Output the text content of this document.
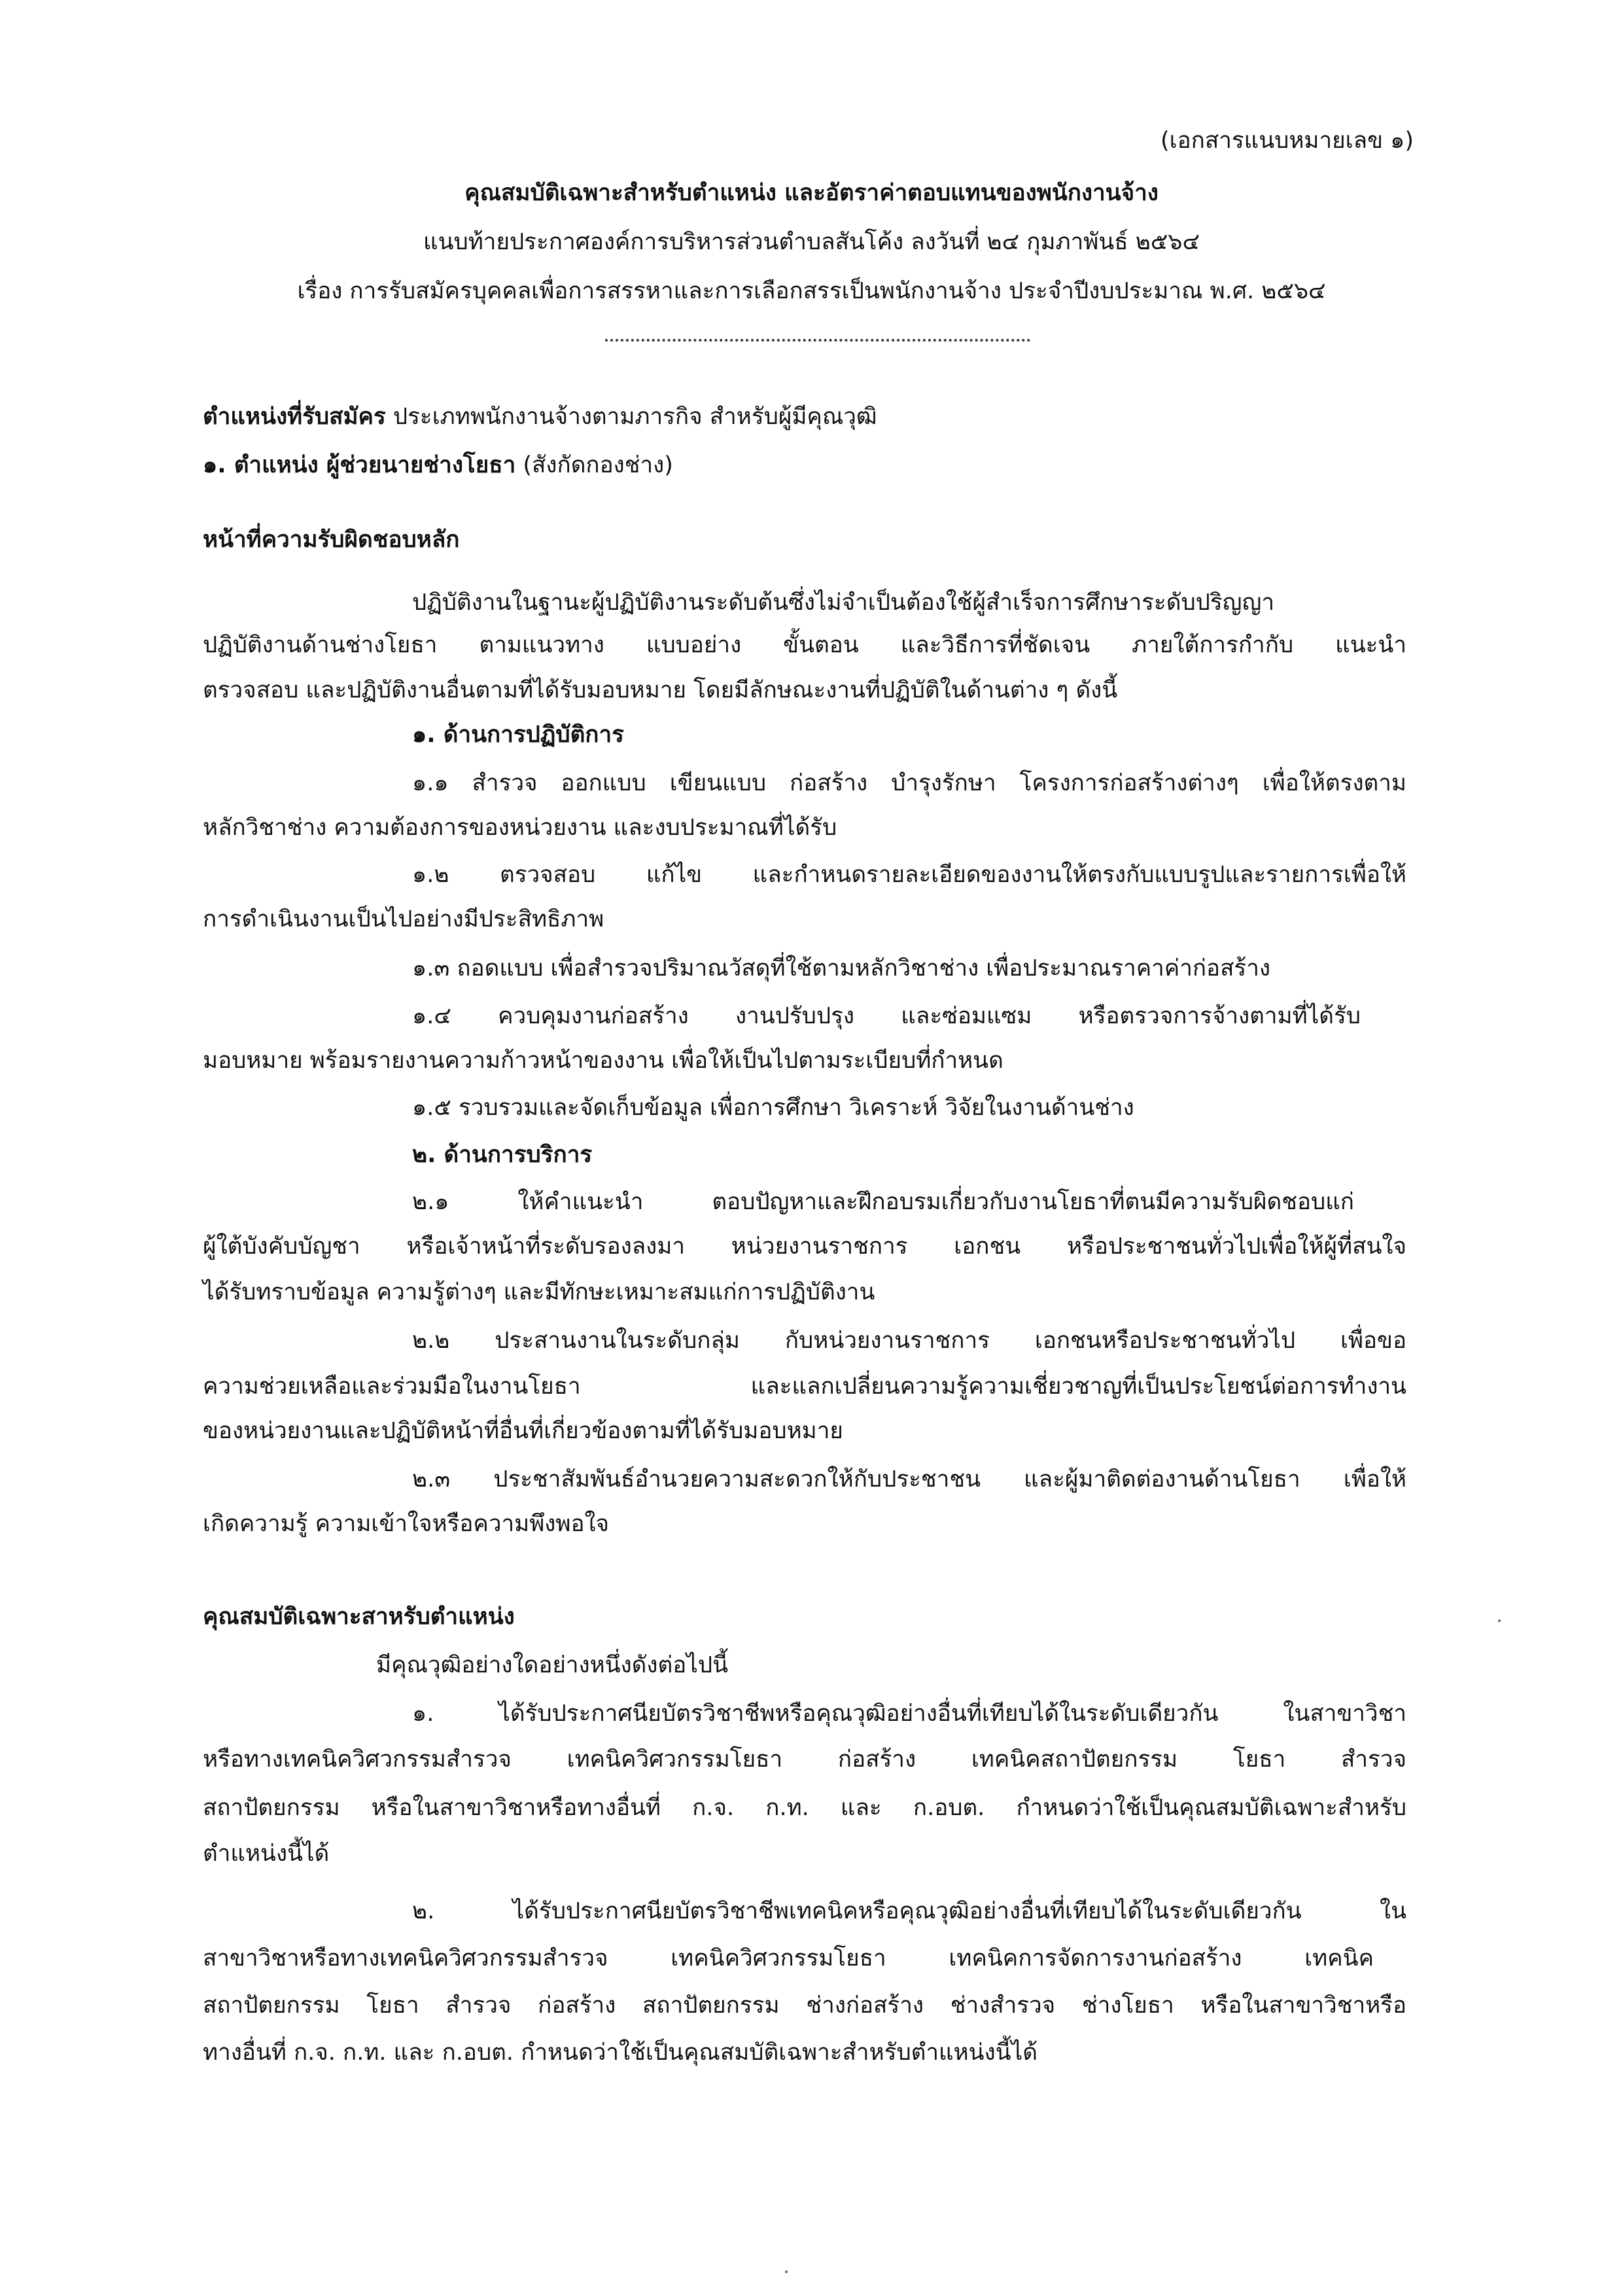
(เอกสารแนบหมายเลข ๑)
คุณสมบัติเฉพาะสำหรับตำแหน่ง และอัตราค่าตอบแทนของพนักงานจ้าง
แนบท้ายประกาศองค์การบริหารส่วนตำบลสันโค้ง ลงวันที่ ๒๔ กุมภาพันธ์ ๒๕๖๔
เรื่อง การรับสมัครบุคคลเพื่อการสรรหาและการเลือกสรรเป็นพนักงานจ้าง ประจำปีงบประมาณ พ.ศ. ๒๕๖๔
ตำแหน่งที่รับสมัคร ประเภทพนักงานจ้างตามภารกิจ สำหรับผู้มีคุณวุฒิ
๑. ตำแหน่ง ผู้ช่วยนายช่างโยธา (สังกัดกองช่าง)
หน้าที่ความรับผิดชอบหลัก
ปฏิบัติงานในฐานะผู้ปฏิบัติงานระดับต้นซึ่งไม่จำเป็นต้องใช้ผู้สำเร็จการศึกษาระดับปริญญา
ปฏิบัติงานด้านช่างโยธา ตามแนวทาง แบบอย่าง ขั้นตอน และวิธีการที่ชัดเจน ภายใต้การกำกับ แนะนำ
ตรวจสอบ และปฏิบัติงานอื่นตามที่ได้รับมอบหมาย โดยมีลักษณะงานที่ปฏิบัติในด้านต่าง ๆ ดังนี้
๑. ด้านการปฏิบัติการ
๑.๑ สำรวจ ออกแบบ เขียนแบบ ก่อสร้าง บำรุงรักษา โครงการก่อสร้างต่างๆ เพื่อให้ตรงตาม
หลักวิชาช่าง ความต้องการของหน่วยงาน และงบประมาณที่ได้รับ
๑.๒ ตรวจสอบ แก้ไข และกำหนดรายละเอียดของงานให้ตรงกับแบบรูปและรายการเพื่อให้
การดำเนินงานเป็นไปอย่างมีประสิทธิภาพ
๑.๓ ถอดแบบ เพื่อสำรวจปริมาณวัสดุที่ใช้ตามหลักวิชาช่าง เพื่อประมาณราคาค่าก่อสร้าง
๑.๔ ควบคุมงานก่อสร้าง งานปรับปรุง และซ่อมแซม หรือตรวจการจ้างตามที่ได้รับ
มอบหมาย พร้อมรายงานความก้าวหน้าของงาน เพื่อให้เป็นไปตามระเบียบที่กำหนด
๑.๕ รวบรวมและจัดเก็บข้อมูล เพื่อการศึกษา วิเคราะห์ วิจัยในงานด้านช่าง
๒. ด้านการบริการ
๒.๑ ให้คำแนะนำ ตอบปัญหาและฝึกอบรมเกี่ยวกับงานโยธาที่ตนมีความรับผิดชอบแก่
ผู้ใต้บังคับบัญชา หรือเจ้าหน้าที่ระดับรองลงมา หน่วยงานราชการ เอกชน หรือประชาชนทั่วไปเพื่อให้ผู้ที่สนใจ
ได้รับทราบข้อมูล ความรู้ต่างๆ และมีทักษะเหมาะสมแก่การปฏิบัติงาน
๒.๒ ประสานงานในระดับกลุ่ม กับหน่วยงานราชการ เอกชนหรือประชาชนทั่วไป เพื่อขอ
ความช่วยเหลือและร่วมมือในงานโยธา และแลกเปลี่ยนความรู้ความเชี่ยวชาญที่เป็นประโยชน์ต่อการทำงาน
ของหน่วยงานและปฏิบัติหน้าที่อื่นที่เกี่ยวข้องตามที่ได้รับมอบหมาย
๒.๓ ประชาสัมพันธ์อำนวยความสะดวกให้กับประชาชน และผู้มาติดต่องานด้านโยธา เพื่อให้
เกิดความรู้ ความเข้าใจหรือความพึงพอใจ
คุณสมบัติเฉพาะสาหรับตำแหน่ง
มีคุณวุฒิอย่างใดอย่างหนึ่งดังต่อไปนี้
๑. ได้รับประกาศนียบัตรวิชาชีพหรือคุณวุฒิอย่างอื่นที่เทียบได้ในระดับเดียวกัน ในสาขาวิชา
หรือทางเทคนิควิศวกรรมสำรวจ เทคนิควิศวกรรมโยธา ก่อสร้าง เทคนิคสถาปัตยกรรม โยธา สำรวจ
สถาปัตยกรรม หรือในสาขาวิชาหรือทางอื่นที่ ก.จ. ก.ท. และ ก.อบต. กำหนดว่าใช้เป็นคุณสมบัติเฉพาะสำหรับ
ตำแหน่งนี้ได้
๒. ได้รับประกาศนียบัตรวิชาชีพเทคนิคหรือคุณวุฒิอย่างอื่นที่เทียบได้ในระดับเดียวกัน ใน
สาขาวิชาหรือทางเทคนิควิศวกรรมสำรวจ เทคนิควิศวกรรมโยธา เทคนิคการจัดการงานก่อสร้าง เทคนิค
สถาปัตยกรรม โยธา สำรวจ ก่อสร้าง สถาปัตยกรรม ช่างก่อสร้าง ช่างสำรวจ ช่างโยธา หรือในสาขาวิชาหรือ
ทางอื่นที่ ก.จ. ก.ท. และ ก.อบต. กำหนดว่าใช้เป็นคุณสมบัติเฉพาะสำหรับตำแหน่งนี้ได้
